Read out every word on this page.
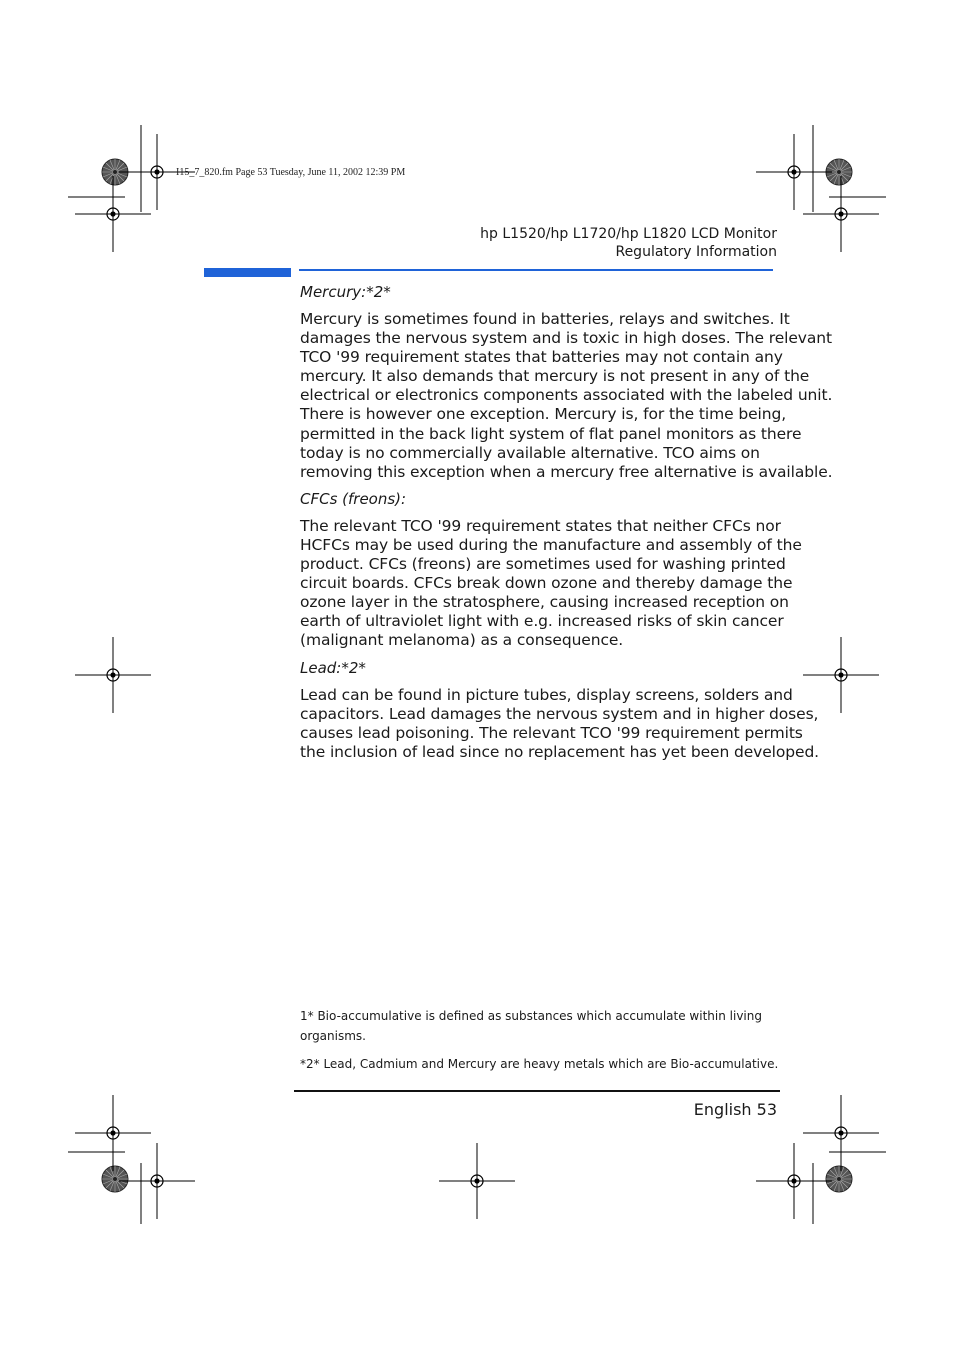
I15_7_820.fm Page 53 Tuesday, June 11, 2002 12:39 PM
hp L1520/hp L1720/hp L1820 LCD Monitor
Regulatory Information
Mercury:*2*

Mercury is sometimes found in batteries, relays and switches. It
damages the nervous system and is toxic in high doses. The relevant
TCO '99 requirement states that batteries may not contain any
mercury. It also demands that mercury is not present in any of the
electrical or electronics components associated with the labeled unit.
There is however one exception. Mercury is, for the time being,
permitted in the back light system of flat panel monitors as there
today is no commercially available alternative. TCO aims on
removing this exception when a mercury free alternative is available.

CFCs (freons):

The relevant TCO '99 requirement states that neither CFCs nor
HCFCs may be used during the manufacture and assembly of the
product. CFCs (freons) are sometimes used for washing printed
circuit boards. CFCs break down ozone and thereby damage the
ozone layer in the stratosphere, causing increased reception on
earth of ultraviolet light with e.g. increased risks of skin cancer
(malignant melanoma) as a consequence.

Lead:*2*

Lead can be found in picture tubes, display screens, solders and
capacitors. Lead damages the nervous system and in higher doses,
causes lead poisoning. The relevant TCO '99 requirement permits
the inclusion of lead since no replacement has yet been developed.

1* Bio-accumulative is defined as substances which accumulate within living
organisms.
*2* Lead, Cadmium and Mercury are heavy metals which are Bio-accumulative.
English 53
